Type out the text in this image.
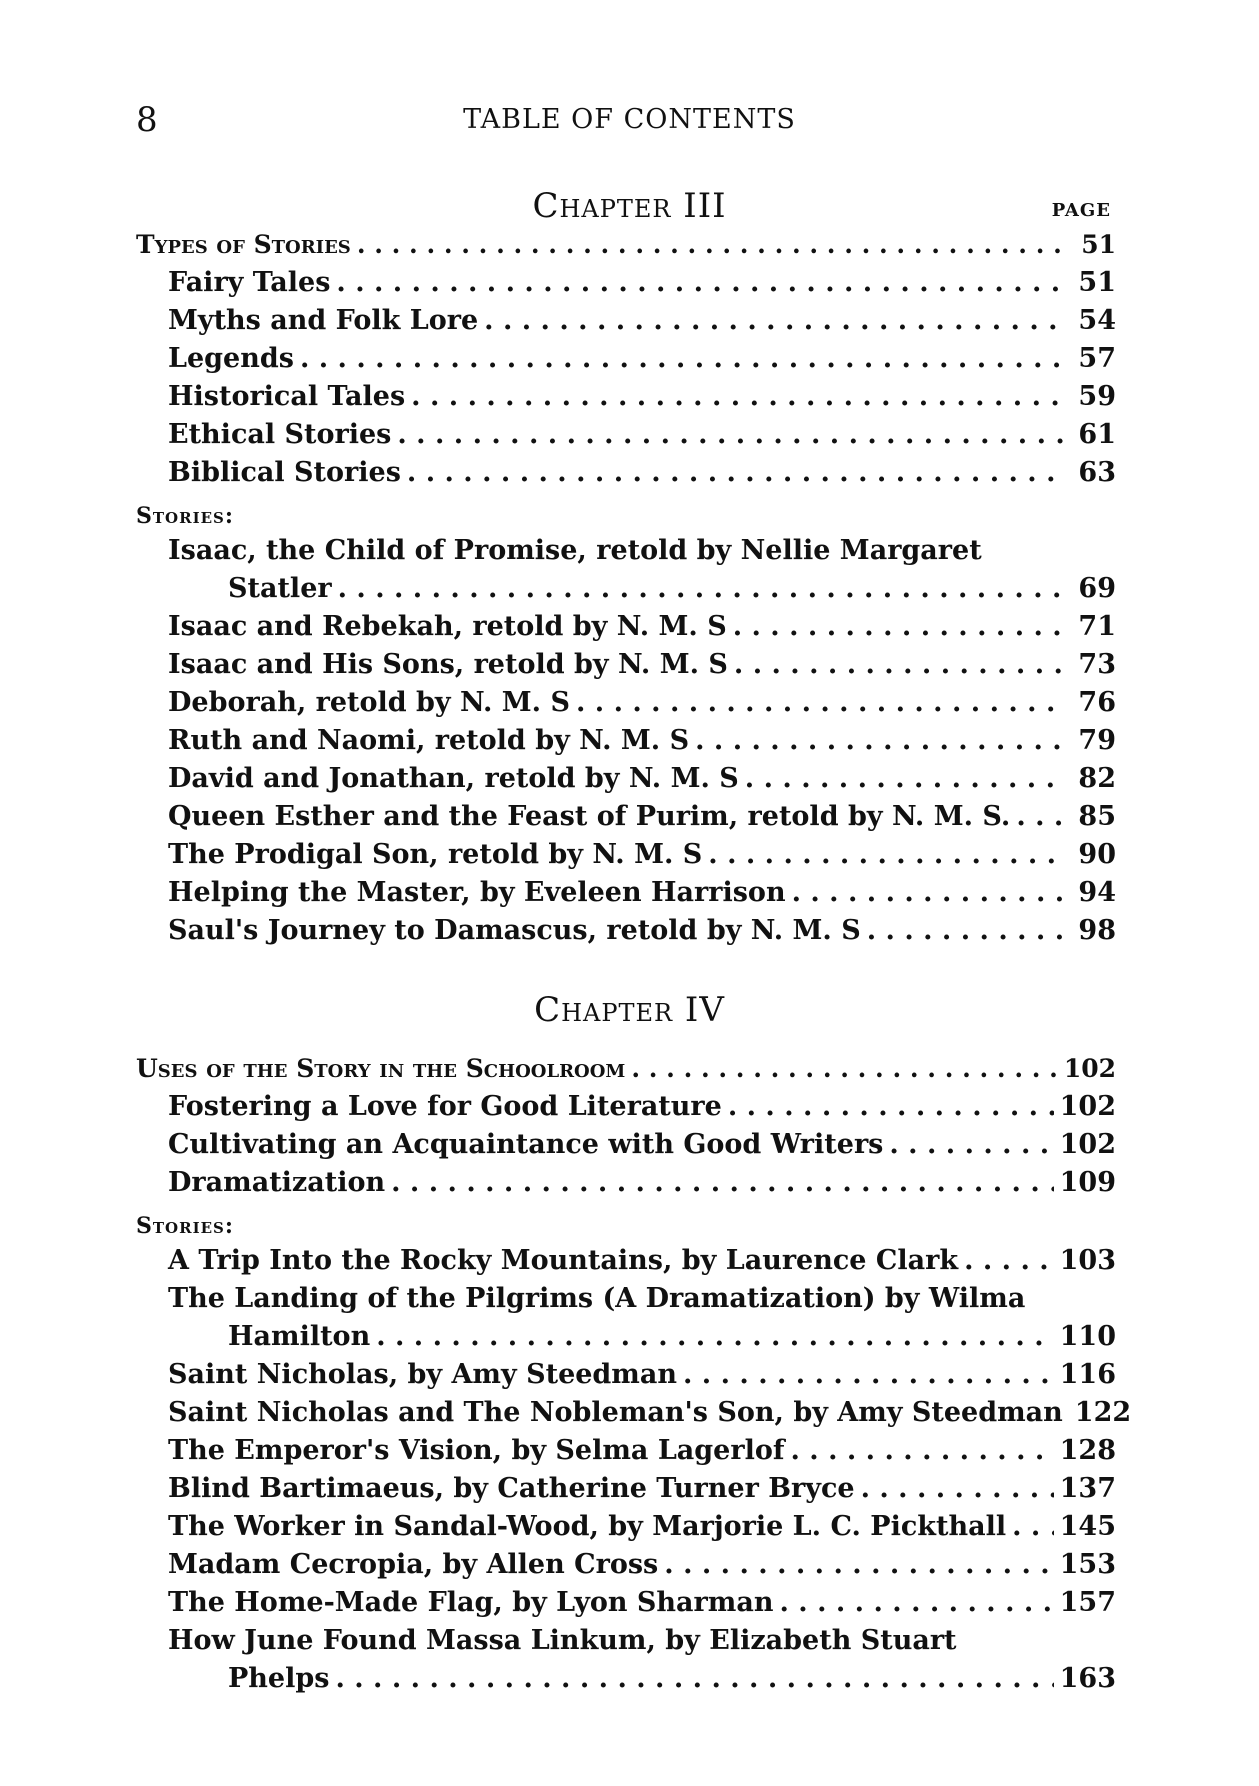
8	TABLE OF CONTENTS
Chapter III	PAGE
Types of Stories . . .	51
Fairy Tales . . .	51
Myths and Folk Lore . . .	54
Legends . . .	57
Historical Tales . . .	59
Ethical Stories . . .	61
Biblical Stories . . .	63
Stories:
Isaac, the Child of Promise, retold by Nellie Margaret
Statler . . .	69
Isaac and Rebekah, retold by N. M. S . . .	71
Isaac and His Sons, retold by N. M. S . . .	73
Deborah, retold by N. M. S . . .	76
Ruth and Naomi, retold by N. M. S . . .	79
David and Jonathan, retold by N. M. S . . .	82
Queen Esther and the Feast of Purim, retold by N. M. S. . . .	85
The Prodigal Son, retold by N. M. S . . .	90
Helping the Master, by Eveleen Harrison . . .	94
Saul's Journey to Damascus, retold by N. M. S . . .	98
Chapter IV
Uses of the Story in the Schoolroom . . .	102
Fostering a Love for Good Literature . . .	102
Cultivating an Acquaintance with Good Writers . . .	102
Dramatization . . .	109
Stories:
A Trip Into the Rocky Mountains, by Laurence Clark . . .	103
The Landing of the Pilgrims (A Dramatization) by Wilma
Hamilton . . .	110
Saint Nicholas, by Amy Steedman . . .	116
Saint Nicholas and The Nobleman's Son, by Amy Steedman 122
The Emperor's Vision, by Selma Lagerlof . . .	128
Blind Bartimaeus, by Catherine Turner Bryce . . .	137
The Worker in Sandal-Wood, by Marjorie L. C. Pickthall . . . 145
Madam Cecropia, by Allen Cross . . .	153
The Home-Made Flag, by Lyon Sharman . . .	157
How June Found Massa Linkum, by Elizabeth Stuart
Phelps . . .	163
